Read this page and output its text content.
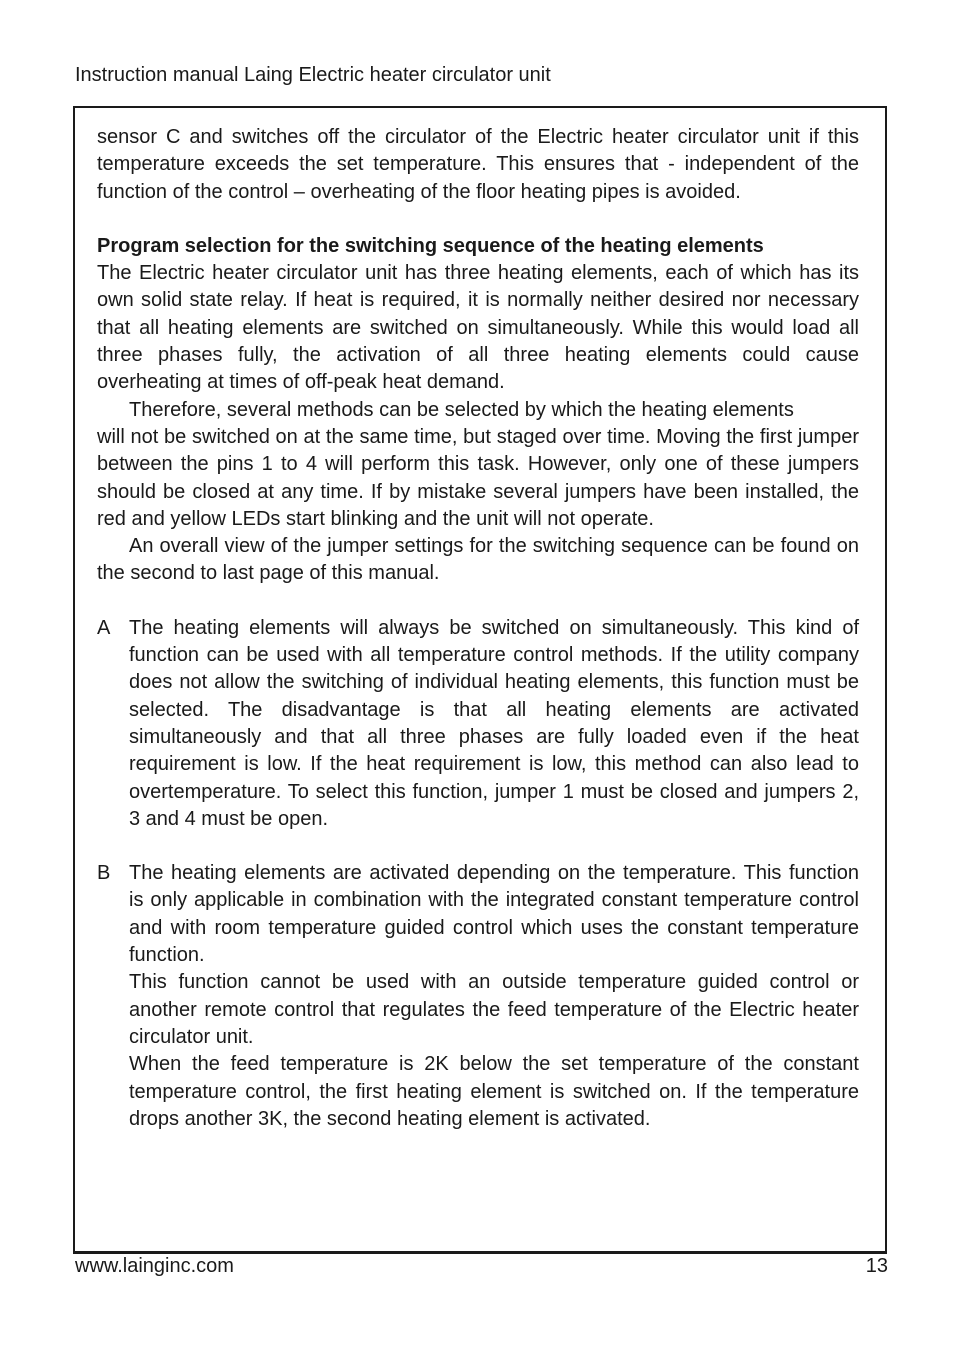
Instruction manual Laing Electric heater circulator unit

sensor C and switches off the circulator of the Electric heater circulator unit if this temperature exceeds the set temperature. This ensures that - independent of the function of the control – overheating of the floor heating pipes is avoided.

Program selection for the switching sequence of the heating elements

The Electric heater circulator unit has three heating elements, each of which has its own solid state relay. If heat is required, it is normally neither desired nor necessary that all heating elements are switched on simultaneously. While this would load all three phases fully, the activation of all three heating elements could cause overheating at times of off-peak heat demand.

Therefore, several methods can be selected by which the heating elements

will not be switched on at the same time, but staged over time. Moving the first jumper between the pins 1 to 4 will perform this task. However, only one of these jumpers should be closed at any time. If by mistake several jumpers have been installed, the red and yellow LEDs start blinking and the unit will not operate.

An overall view of the jumper settings for the switching sequence can be found on the second to last page of this manual.

A The heating elements will always be switched on simultaneously. This kind of function can be used with all temperature control methods. If the utility company does not allow the switching of individual heating elements, this function must be selected. The disadvantage is that all heating elements are activated simultaneously and that all three phases are fully loaded even if the heat requirement is low. If the heat requirement is low, this method can also lead to overtemperature. To select this function, jumper 1 must be closed and jumpers 2, 3 and 4 must be open.

B The heating elements are activated depending on the temperature. This function is only applicable in combination with the integrated constant temperature control and with room temperature guided control which uses the constant temperature function.

This function cannot be used with an outside temperature guided control or another remote control that regulates the feed temperature of the Electric heater circulator unit.

When the feed temperature is 2K below the set temperature of the constant temperature control, the first heating element is switched on. If the temperature drops another 3K, the second heating element is activated.

www.lainginc.com	13
